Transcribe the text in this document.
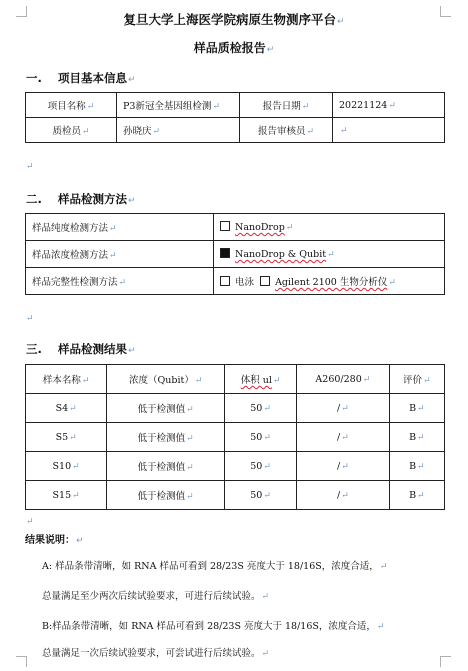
复旦大学上海医学院病原生物测序平台↵
样品质检报告↵
一. 项目基本信息↵
项目名称↵	P3新冠全基因组检测↵	报告日期↵	20221124↵
质检员↵	孙晓庆↵	报告审核员↵	↵
↵
二. 样品检测方法↵
样品纯度检测方法↵	NanoDrop↵
样品浓度检测方法↵	NanoDrop & Qubit↵
样品完整性检测方法↵	电泳 Agilent 2100 生物分析仪↵
↵
三. 样品检测结果↵
样本名称↵	浓度（Qubit）↵	体积 ul↵	A260/280↵	评价↵
S4↵	低于检测值↵	50↵	/↵	B↵
S5↵	低于检测值↵	50↵	/↵	B↵
S10↵	低于检测值↵	50↵	/↵	B↵
S15↵	低于检测值↵	50↵	/↵	B↵
↵
结果说明：↵
A: 样品条带清晰，如 RNA 样品可看到 28/23S 亮度大于 18/16S，浓度合适，↵
总量满足至少两次后续试验要求，可进行后续试验。↵
B:样品条带清晰，如 RNA 样品可看到 28/23S 亮度大于 18/16S，浓度合适，↵
总量满足一次后续试验要求，可尝试进行后续试验。↵
